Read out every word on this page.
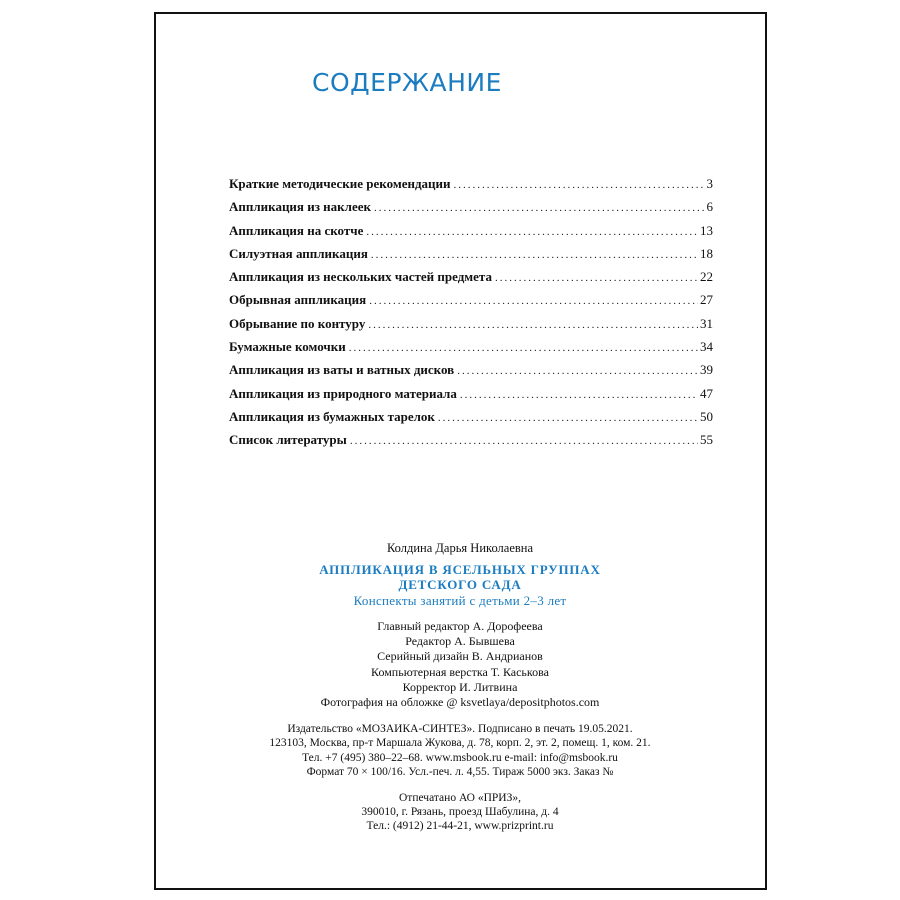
СОДЕРЖАНИЕ
Краткие методические рекомендации .....	3
Аппликация из наклеек .....	6
Аппликация на скотче .....	13
Силуэтная аппликация .....	18
Аппликация из нескольких частей предмета .....	22
Обрывная аппликация .....	27
Обрывание по контуру .....	31
Бумажные комочки .....	34
Аппликация из ваты и ватных дисков .....	39
Аппликация из природного материала .....	47
Аппликация из бумажных тарелок .....	50
Список литературы .....	55
Колдина Дарья Николаевна
АППЛИКАЦИЯ В ЯСЕЛЬНЫХ ГРУППАХ
ДЕТСКОГО САДА
Конспекты занятий с детьми 2–3 лет
Главный редактор А. Дорофеева
Редактор А. Бывшева
Серийный дизайн В. Андрианов
Компьютерная верстка Т. Каськова
Корректор И. Литвина
Фотография на обложке @ ksvetlaya/depositphotos.com
Издательство «МОЗАИКА-СИНТЕЗ». Подписано в печать 19.05.2021.
123103, Москва, пр-т Маршала Жукова, д. 78, корп. 2, эт. 2, помещ. 1, ком. 21.
Тел. +7 (495) 380–22–68. www.msbook.ru e-mail: info@msbook.ru
Формат 70 × 100/16. Усл.-печ. л. 4,55. Тираж 5000 экз. Заказ №
Отпечатано АО «ПРИЗ»,
390010, г. Рязань, проезд Шабулина, д. 4
Тел.: (4912) 21-44-21, www.prizprint.ru
